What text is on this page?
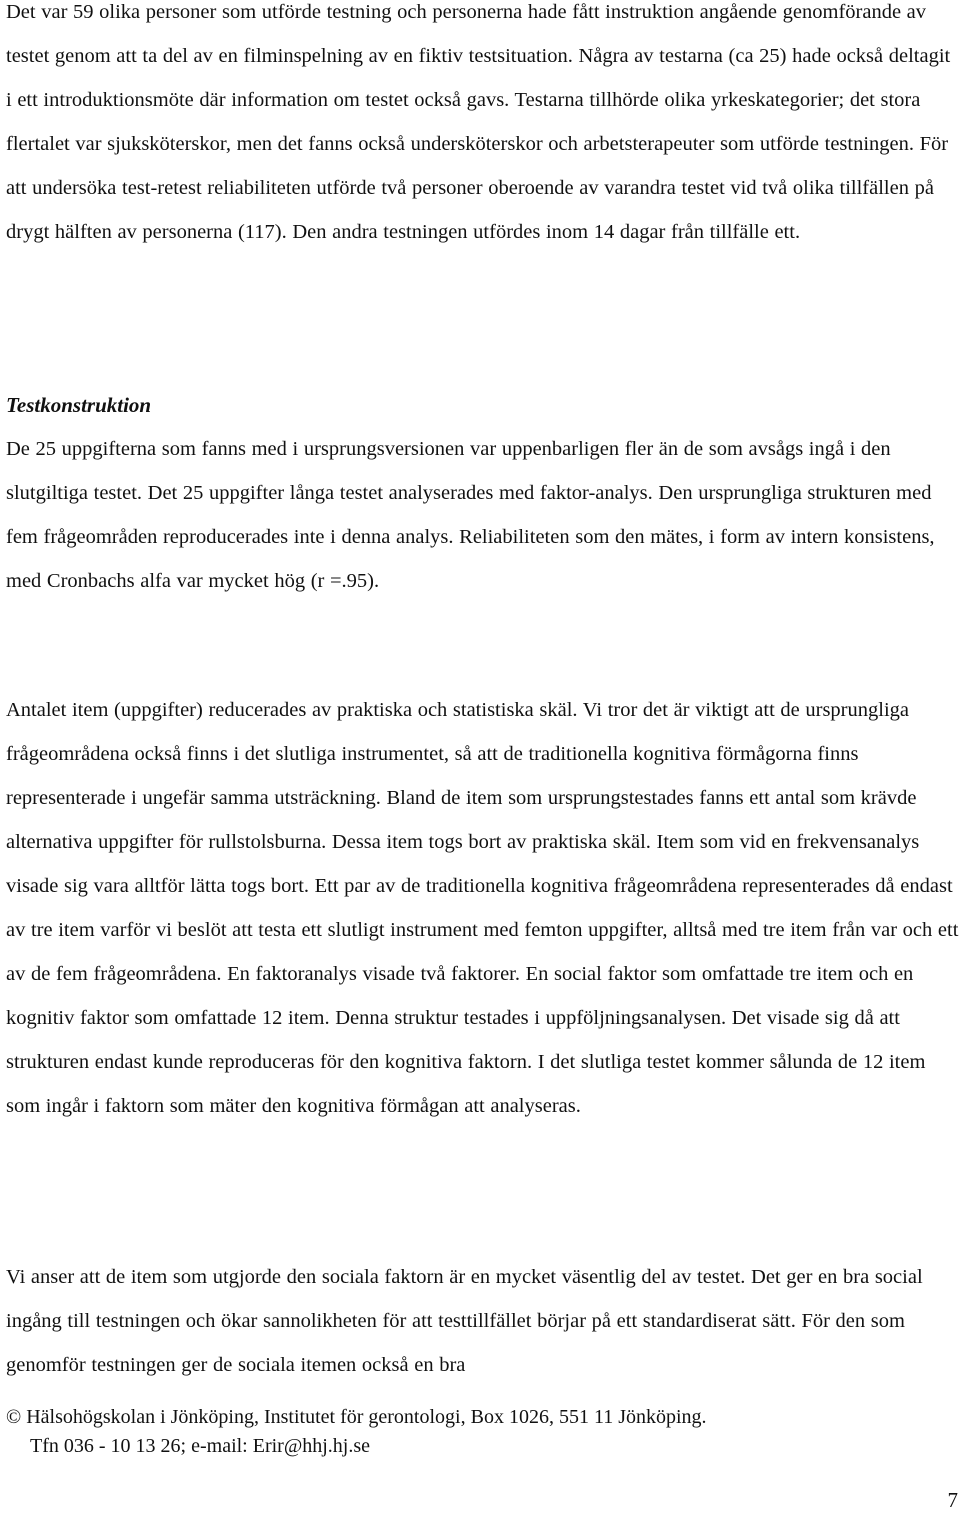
Det var 59 olika personer som utförde testning och personerna hade fått instruktion angående genomförande av testet genom att ta del av en filminspelning av en fiktiv testsituation. Några av testarna (ca 25) hade också deltagit i ett introduktionsmöte där information om testet också gavs. Testarna tillhörde olika yrkeskategorier; det stora flertalet var sjuksköterskor, men det fanns också undersköterskor och arbetsterapeuter som utförde testningen. För att undersöka test-retest reliabiliteten utförde två personer oberoende av varandra testet vid två olika tillfällen på drygt hälften av personerna (117). Den andra testningen utfördes inom 14 dagar från tillfälle ett.

Testkonstruktion

De 25 uppgifterna som fanns med i ursprungsversionen var uppenbarligen fler än de som avsågs ingå i den slutgiltiga testet. Det 25 uppgifter långa testet analyserades med faktor-analys. Den ursprungliga strukturen med fem frågeområden reproducerades inte i denna analys. Reliabiliteten som den mätes, i form av intern konsistens, med Cronbachs alfa var mycket hög (r =.95).

Antalet item (uppgifter) reducerades av praktiska och statistiska skäl. Vi tror det är viktigt att de ursprungliga frågeområdena också finns i det slutliga instrumentet, så att de traditionella kognitiva förmågorna finns representerade i ungefär samma utsträckning. Bland de item som ursprungstestades fanns ett antal som krävde alternativa uppgifter för rullstolsburna. Dessa item togs bort av praktiska skäl. Item som vid en frekvensanalys visade sig vara alltför lätta togs bort. Ett par av de traditionella kognitiva frågeområdena representerades då endast av tre item varför vi beslöt att testa ett slutligt instrument med femton uppgifter, alltså med tre item från var och ett av de fem frågeområdena. En faktoranalys visade två faktorer. En social faktor som omfattade tre item och en kognitiv faktor som omfattade 12 item. Denna struktur testades i uppföljningsanalysen. Det visade sig då att strukturen endast kunde reproduceras för den kognitiva faktorn. I det slutliga testet kommer sålunda de 12 item som ingår i faktorn som mäter den kognitiva förmågan att analyseras.

Vi anser att de item som utgjorde den sociala faktorn är en mycket väsentlig del av testet. Det ger en bra social ingång till testningen och ökar sannolikheten för att testtillfället börjar på ett standardiserat sätt. För den som genomför testningen ger de sociala itemen också en bra

© Hälsohögskolan i Jönköping, Institutet för gerontologi, Box 1026, 551 11 Jönköping.
Tfn 036 - 10 13 26; e-mail: Erir@hhj.hj.se
7
